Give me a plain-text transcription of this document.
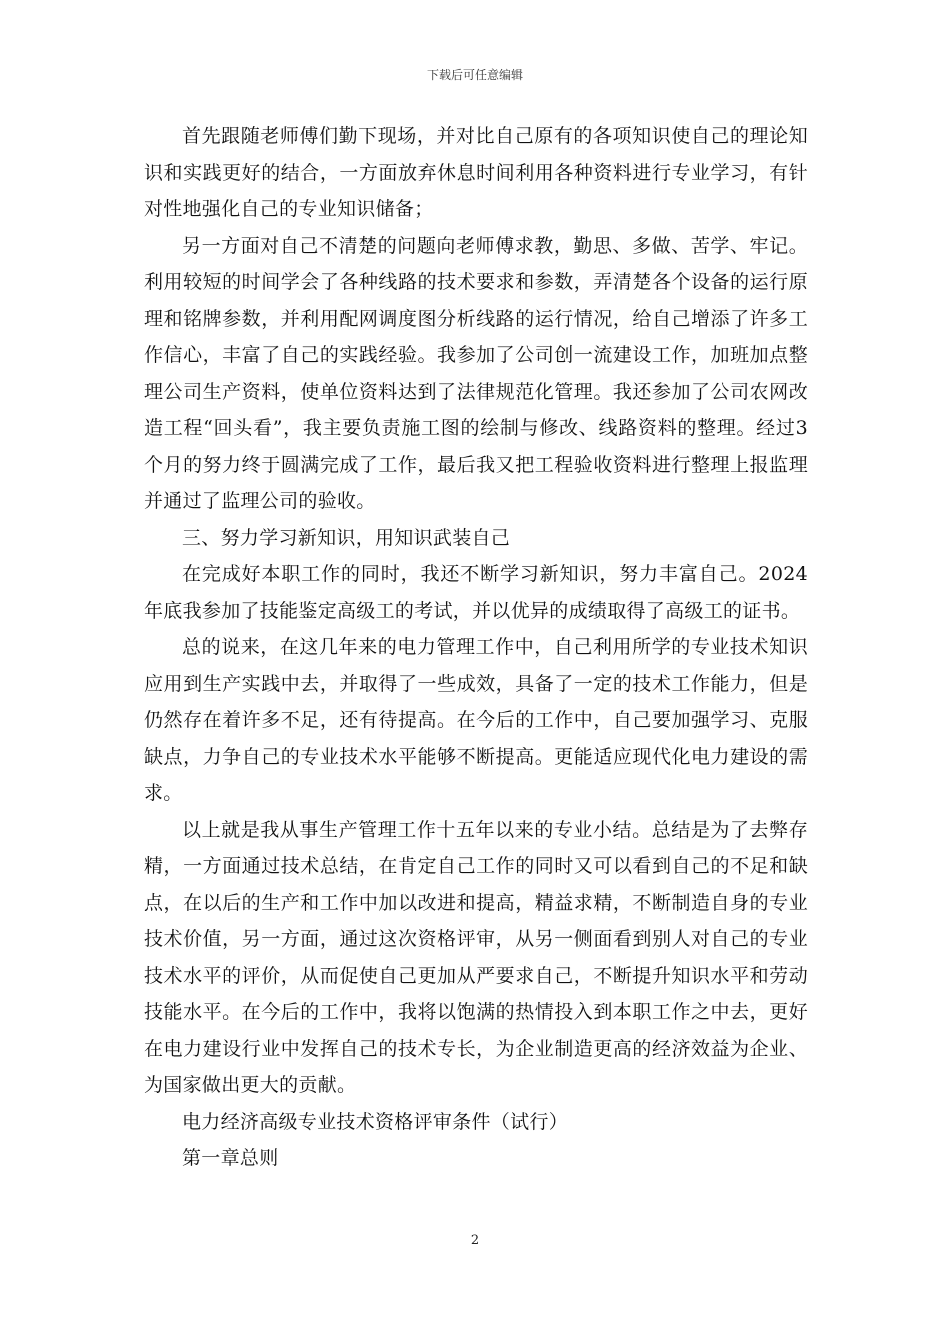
下载后可任意编辑

首先跟随老师傅们勤下现场，并对比自己原有的各项知识使自己的理论知识和实践更好的结合，一方面放弃休息时间利用各种资料进行专业学习，有针对性地强化自己的专业知识储备；

另一方面对自己不清楚的问题向老师傅求教，勤思、多做、苦学、牢记。利用较短的时间学会了各种线路的技术要求和参数，弄清楚各个设备的运行原理和铭牌参数，并利用配网调度图分析线路的运行情况，给自己增添了许多工作信心，丰富了自己的实践经验。我参加了公司创一流建设工作，加班加点整理公司生产资料，使单位资料达到了法律规范化管理。我还参加了公司农网改造工程“回头看”，我主要负责施工图的绘制与修改、线路资料的整理。经过3个月的努力终于圆满完成了工作，最后我又把工程验收资料进行整理上报监理并通过了监理公司的验收。

三、努力学习新知识，用知识武装自己

在完成好本职工作的同时，我还不断学习新知识，努力丰富自己。2024年底我参加了技能鉴定高级工的考试，并以优异的成绩取得了高级工的证书。

总的说来，在这几年来的电力管理工作中，自己利用所学的专业技术知识应用到生产实践中去，并取得了一些成效，具备了一定的技术工作能力，但是仍然存在着许多不足，还有待提高。在今后的工作中，自己要加强学习、克服缺点，力争自己的专业技术水平能够不断提高。更能适应现代化电力建设的需求。

以上就是我从事生产管理工作十五年以来的专业小结。总结是为了去弊存精，一方面通过技术总结，在肯定自己工作的同时又可以看到自己的不足和缺点，在以后的生产和工作中加以改进和提高，精益求精，不断制造自身的专业技术价值，另一方面，通过这次资格评审，从另一侧面看到别人对自己的专业技术水平的评价，从而促使自己更加从严要求自己，不断提升知识水平和劳动技能水平。在今后的工作中，我将以饱满的热情投入到本职工作之中去，更好在电力建设行业中发挥自己的技术专长，为企业制造更高的经济效益为企业、为国家做出更大的贡献。

电力经济高级专业技术资格评审条件（试行）

第一章总则

2
